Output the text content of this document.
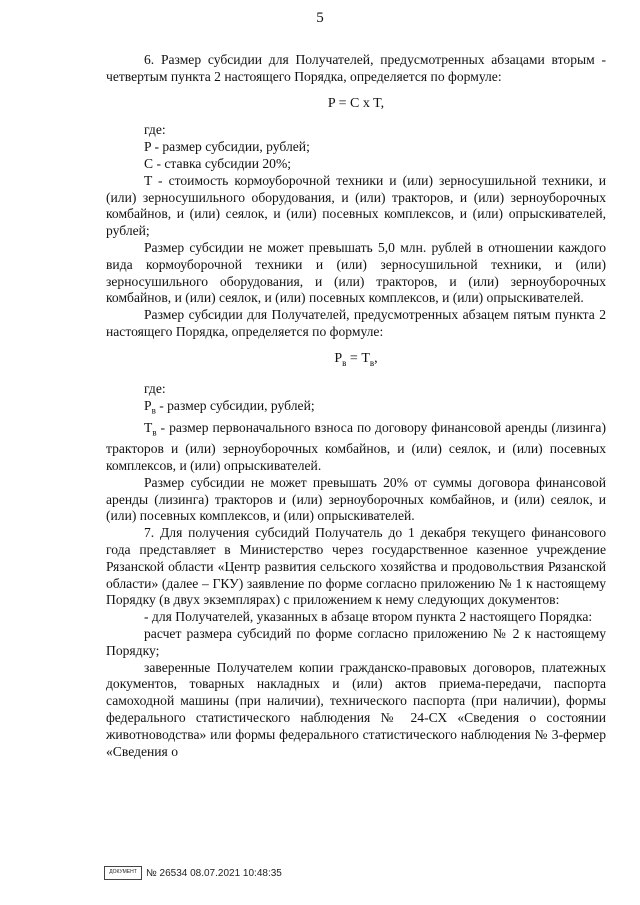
5

6. Размер субсидии для Получателей, предусмотренных абзацами вторым - четвертым пункта 2 настоящего Порядка, определяется по формуле:

P = C x T,

где:

P - размер субсидии, рублей;

C - ставка субсидии 20%;

T - стоимость кормоуборочной техники и (или) зерносушильной техники, и (или) зерносушильного оборудования, и (или) тракторов, и (или) зерноуборочных комбайнов, и (или) сеялок, и (или) посевных комплексов, и (или) опрыскивателей, рублей;

Размер субсидии не может превышать 5,0 млн. рублей в отношении каждого вида кормоуборочной техники и (или) зерносушильной техники, и (или) зерносушильного оборудования, и (или) тракторов, и (или) зерноуборочных комбайнов, и (или) сеялок, и (или) посевных комплексов, и (или) опрыскивателей.

Размер субсидии для Получателей, предусмотренных абзацем пятым пункта 2 настоящего Порядка, определяется по формуле:

$P_в = T_в$,

где:

$P_в$ - размер субсидии, рублей;

$T_в$ - размер первоначального взноса по договору финансовой аренды (лизинга) тракторов и (или) зерноуборочных комбайнов, и (или) сеялок, и (или) посевных комплексов, и (или) опрыскивателей.

Размер субсидии не может превышать 20% от суммы договора финансовой аренды (лизинга) тракторов и (или) зерноуборочных комбайнов, и (или) сеялок, и (или) посевных комплексов, и (или) опрыскивателей.

7. Для получения субсидий Получатель до 1 декабря текущего финансового года представляет в Министерство через государственное казенное учреждение Рязанской области «Центр развития сельского хозяйства и продовольствия Рязанской области» (далее – ГКУ) заявление по форме согласно приложению № 1 к настоящему Порядку (в двух экземплярах) с приложением к нему следующих документов:

- для Получателей, указанных в абзаце втором пункта 2 настоящего Порядка:

расчет размера субсидий по форме согласно приложению № 2 к настоящему Порядку;

заверенные Получателем копии гражданско-правовых договоров, платежных документов, товарных накладных и (или) актов приема-передачи, паспорта самоходной машины (при наличии), технического паспорта (при наличии), формы федерального статистического наблюдения № 24-СХ «Сведения о состоянии животноводства» или формы федерального статистического наблюдения № 3-фермер «Сведения о

ДОКУМЕНТ № 26534 08.07.2021 10:48:35
